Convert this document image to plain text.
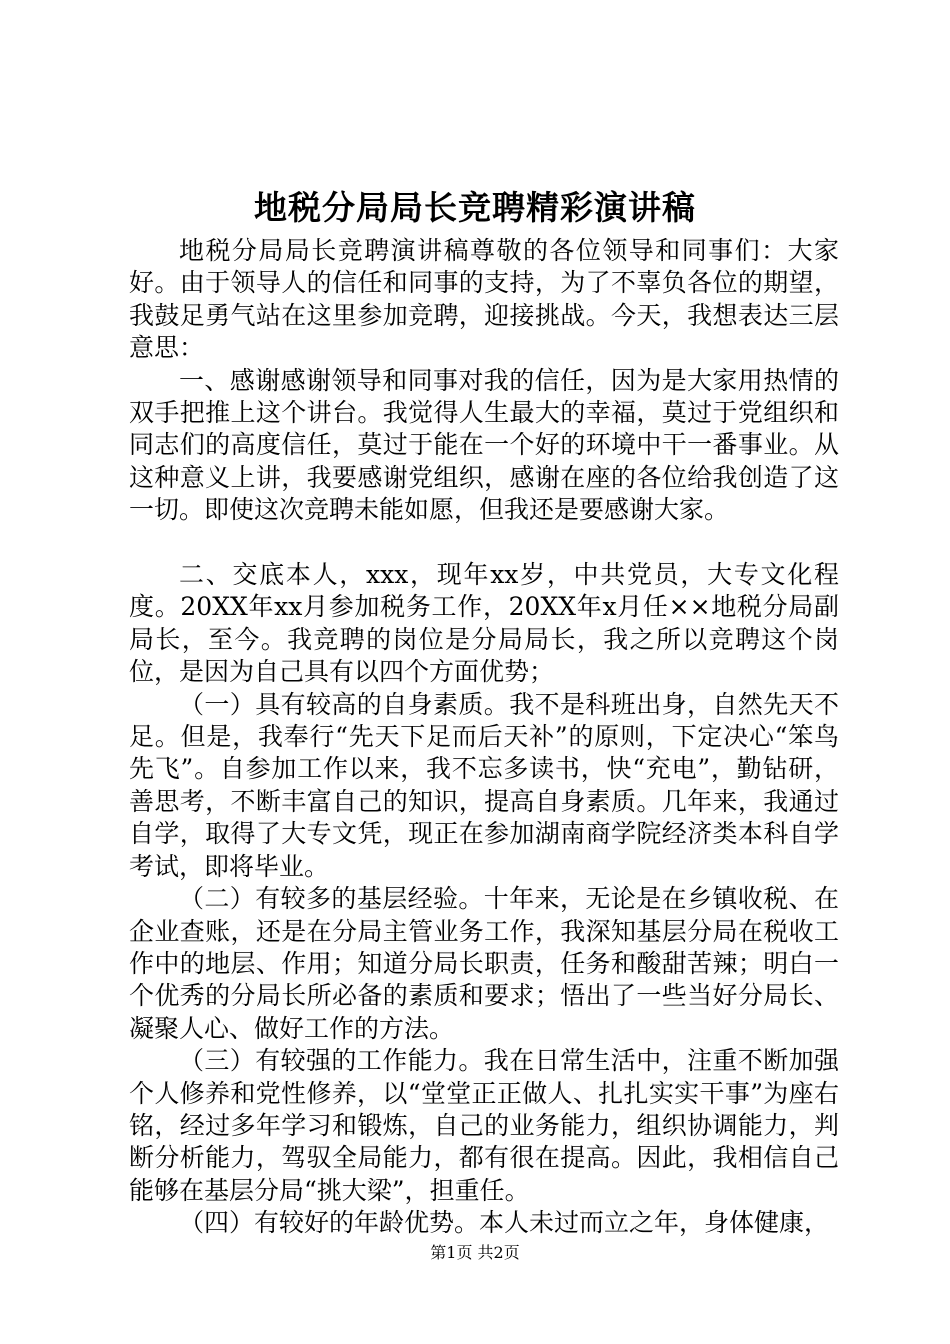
地税分局局长竞聘精彩演讲稿

地税分局局长竞聘演讲稿尊敬的各位领导和同事们：大家好。由于领导人的信任和同事的支持，为了不辜负各位的期望，我鼓足勇气站在这里参加竞聘，迎接挑战。今天，我想表达三层意思：

一、感谢感谢领导和同事对我的信任，因为是大家用热情的双手把推上这个讲台。我觉得人生最大的幸福，莫过于党组织和同志们的高度信任，莫过于能在一个好的环境中干一番事业。从这种意义上讲，我要感谢党组织，感谢在座的各位给我创造了这一切。即使这次竞聘未能如愿，但我还是要感谢大家。

二、交底本人，xxx，现年xx岁，中共党员，大专文化程度。20XX年xx月参加税务工作，20XX年x月任××地税分局副局长，至今。我竞聘的岗位是分局局长，我之所以竞聘这个岗位，是因为自己具有以四个方面优势；

（一）具有较高的自身素质。我不是科班出身，自然先天不足。但是，我奉行“先天下足而后天补”的原则，下定决心“笨鸟先飞”。自参加工作以来，我不忘多读书，快“充电”，勤钻研，善思考，不断丰富自己的知识，提高自身素质。几年来，我通过自学，取得了大专文凭，现正在参加湖南商学院经济类本科自学考试，即将毕业。

（二）有较多的基层经验。十年来，无论是在乡镇收税、在企业查账，还是在分局主管业务工作，我深知基层分局在税收工作中的地层、作用；知道分局长职责，任务和酸甜苦辣；明白一个优秀的分局长所必备的素质和要求；悟出了一些当好分局长、凝聚人心、做好工作的方法。

（三）有较强的工作能力。我在日常生活中，注重不断加强个人修养和党性修养，以“堂堂正正做人、扎扎实实干事”为座右铭，经过多年学习和锻炼，自己的业务能力，组织协调能力，判断分析能力，驾驭全局能力，都有很在提高。因此，我相信自己能够在基层分局“挑大梁”，担重任。

（四）有较好的年龄优势。本人未过而立之年，身体健康，

第1页 共2页
